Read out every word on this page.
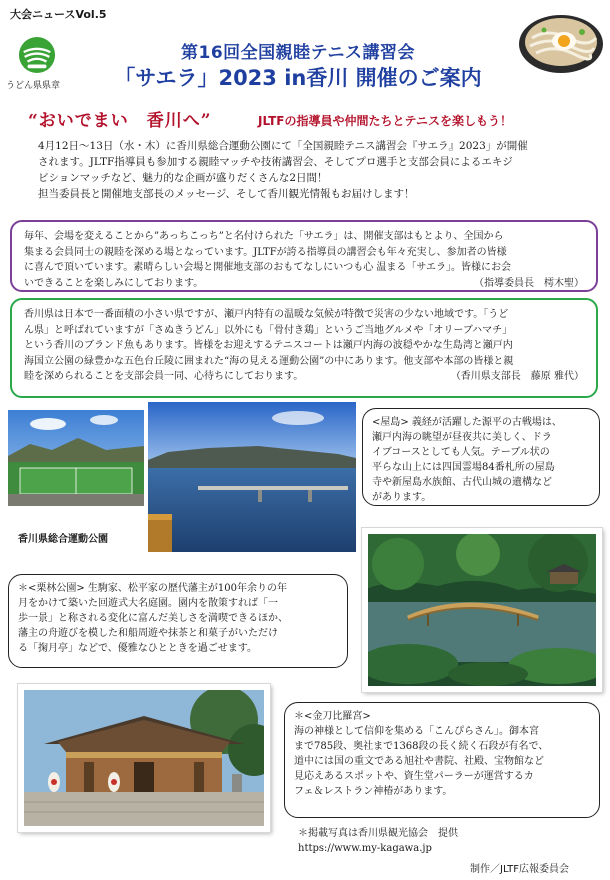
大会ニュースVol.5
うどん県県章
第16回全国親睦テニス講習会
「サエラ」2023 in香川 開催のご案内
“おいでまい　香川へ”	JLTFの指導員や仲間たちとテニスを楽しもう！
4月12日～13日（水・木）に香川県総合運動公園にて「全国親睦テニス講習会『サエラ』2023」が開催
されます。JLTF指導員も参加する親睦マッチや技術講習会、そしてプロ選手と支部会員によるエキジ
ビションマッチなど、魅力的な企画が盛りだくさんな2日間！
担当委員長と開催地支部長のメッセージ、そして香川観光情報もお届けします！
毎年、会場を変えることから”あっちこっち”と名付けられた「サエラ」は、開催支部はもとより、全国から
集まる会員同士の親睦を深める場となっています。JLTFが誇る指導員の講習会も年々充実し、参加者の皆様
に喜んで頂いています。素晴らしい会場と開催地支部のおもてなしにいつも心 温まる「サエラ」。皆様にお会
いできることを楽しみにしております。	（指導委員長　樗木聖）
香川県は日本で一番面積の小さい県ですが、瀬戸内特有の温暖な気候が特徴で災害の少ない地域です。「うど
ん県」と呼ばれていますが「さぬきうどん」以外にも「骨付き鶏」というご当地グルメや「オリーブハマチ」
という香川のブランド魚もあります。皆様をお迎えするテニスコートは瀬戸内海の波穏やかな生島湾と瀬戸内
海国立公園の緑豊かな五色台丘陵に囲まれた“海の見える運動公園”の中にあります。他支部や本部の皆様と親
睦を深められることを支部会員一同、心待ちにしております。	（香川県支部長　藤原 雅代）
香川県総合運動公園
<屋島> 義経が活躍した源平の古戦場は、
瀬戸内海の眺望が昼夜共に美しく、ドラ
イブコースとしても人気。テーブル状の
平らな山上には四国霊場84番札所の屋島
寺や新屋島水族館、古代山城の遺構など
があります。
＊<栗林公園> 生駒家、松平家の歴代藩主が100年余りの年
月をかけて築いた回遊式大名庭園。園内を散策すれば「一
歩一景」と称される変化に富んだ美しさを満喫できるほか、
藩主の舟遊びを模した和船周遊や抹茶と和菓子がいただけ
る「掬月亭」などで、優雅なひとときを過ごせます。
＊<金刀比羅宮>
海の神様として信仰を集める「こんぴらさん」。御本宮
まで785段、奥社まで1368段の長く続く石段が有名で、
道中には国の重文である旭社や書院、社殿、宝物館など
見応えあるスポットや、資生堂パーラーが運営するカ
フェ＆レストラン神椿があります。
＊掲載写真は香川県観光協会　提供
https://www.my-kagawa.jp
制作／JLTF広報委員会
